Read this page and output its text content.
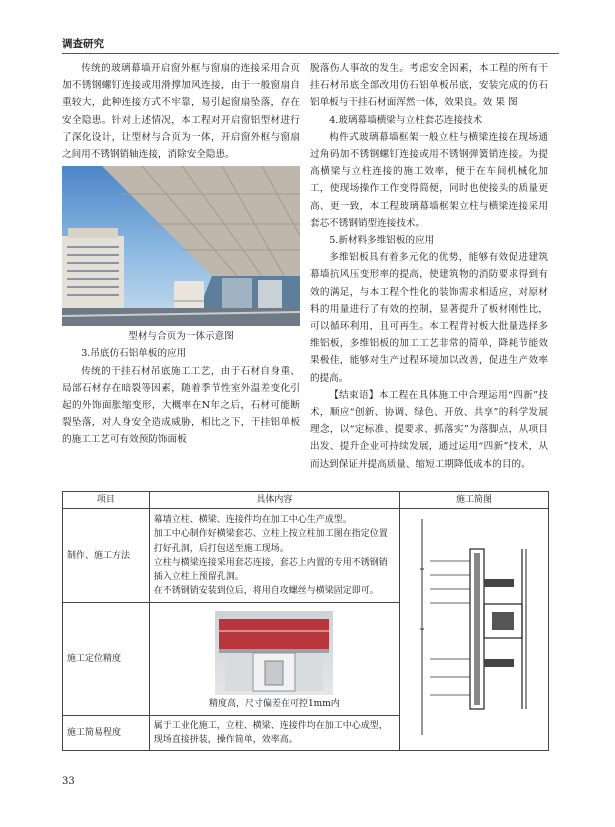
调查研究

传统的玻璃幕墙开启窗外框与窗扇的连接采用合页加不锈钢螺钉连接或用滑撑加风连接，由于一般窗扇自重较大，此种连接方式不牢靠，易引起窗扇坠落，存在安全隐患。针对上述情况，本工程对开启窗铝型材进行了深化设计，让型材与合页为一体，开启窗外框与窗扇之间用不锈钢销轴连接，消除安全隐患。

型材与合页为一体示意图

3.吊底仿石铝单板的应用

传统的干挂石材吊底施工工艺，由于石材自身重、局部石材存在暗裂等因素，随着季节性室外温差变化引起的外饰面胀缩变形，大概率在N年之后，石材可能断裂坠落，对人身安全造成威胁，相比之下，干挂铝单板的施工工艺可有效预防饰面板

脱落伤人事故的发生。考虑安全因素，本工程的所有干挂石材吊底全部改用仿石铝单板吊底，安装完成的仿石铝单板与干挂石材面浑然一体，效果良。效 果 图

4.玻璃幕墙横梁与立柱套芯连接技术

构件式玻璃幕墙框架一般立柱与横梁连接在现场通过角码加不锈钢螺钉连接或用不锈钢弹簧销连接。为提高横梁与立柱连接的施工效率，便于在车间机械化加工，使现场操作工作变得简便，同时也使接头的质量更高、更一致，本工程玻璃幕墙框架立柱与横梁连接采用套芯不锈钢销型连接技术。

5.新材料多维铝板的应用

多维铝板具有着多元化的优势，能够有效促进建筑幕墙抗风压变形率的提高，使建筑物的消防要求得到有效的满足，与本工程个性化的装饰需求相适应，对原材料的用量进行了有效的控制，显著提升了板材刚性比，可以循环利用，且可再生。本工程背衬板大批量选择多维铝板，多维铝板的加工工艺非常的简单，降耗节能效果极佳，能够对生产过程环境加以改善，促进生产效率的提高。

【结束语】本工程在具体施工中合理运用“四新”技术，顺应“创新、协调、绿色、开放、共享”的科学发展理念，以“定标准、提要求、抓落实”为落脚点，从项目出发、提升企业可持续发展，通过运用“四新”技术，从而达到保证并提高质量、缩短工期降低成本的目的。

项目	具体内容	施工简图
制作、施工方法	幕墙立柱、横梁、连接件均在加工中心生产成型。
加工中心制作好横梁套芯、立柱上按立柱加工图在指定位置打好孔洞，后打包送至施工现场。
立柱与横梁连接采用套芯连接，套芯上内置的专用不锈钢销插入立柱上预留孔洞。
在不锈钢销安装到位后，将用自攻螺丝与横梁固定即可。

施工定位精度	精度高，尺寸偏差在可控1mm内	

施工简易程度	属于工业化施工，立柱、横梁、连接件均在加工中心成型，现场直接拼装，操作简单，效率高。	
33
